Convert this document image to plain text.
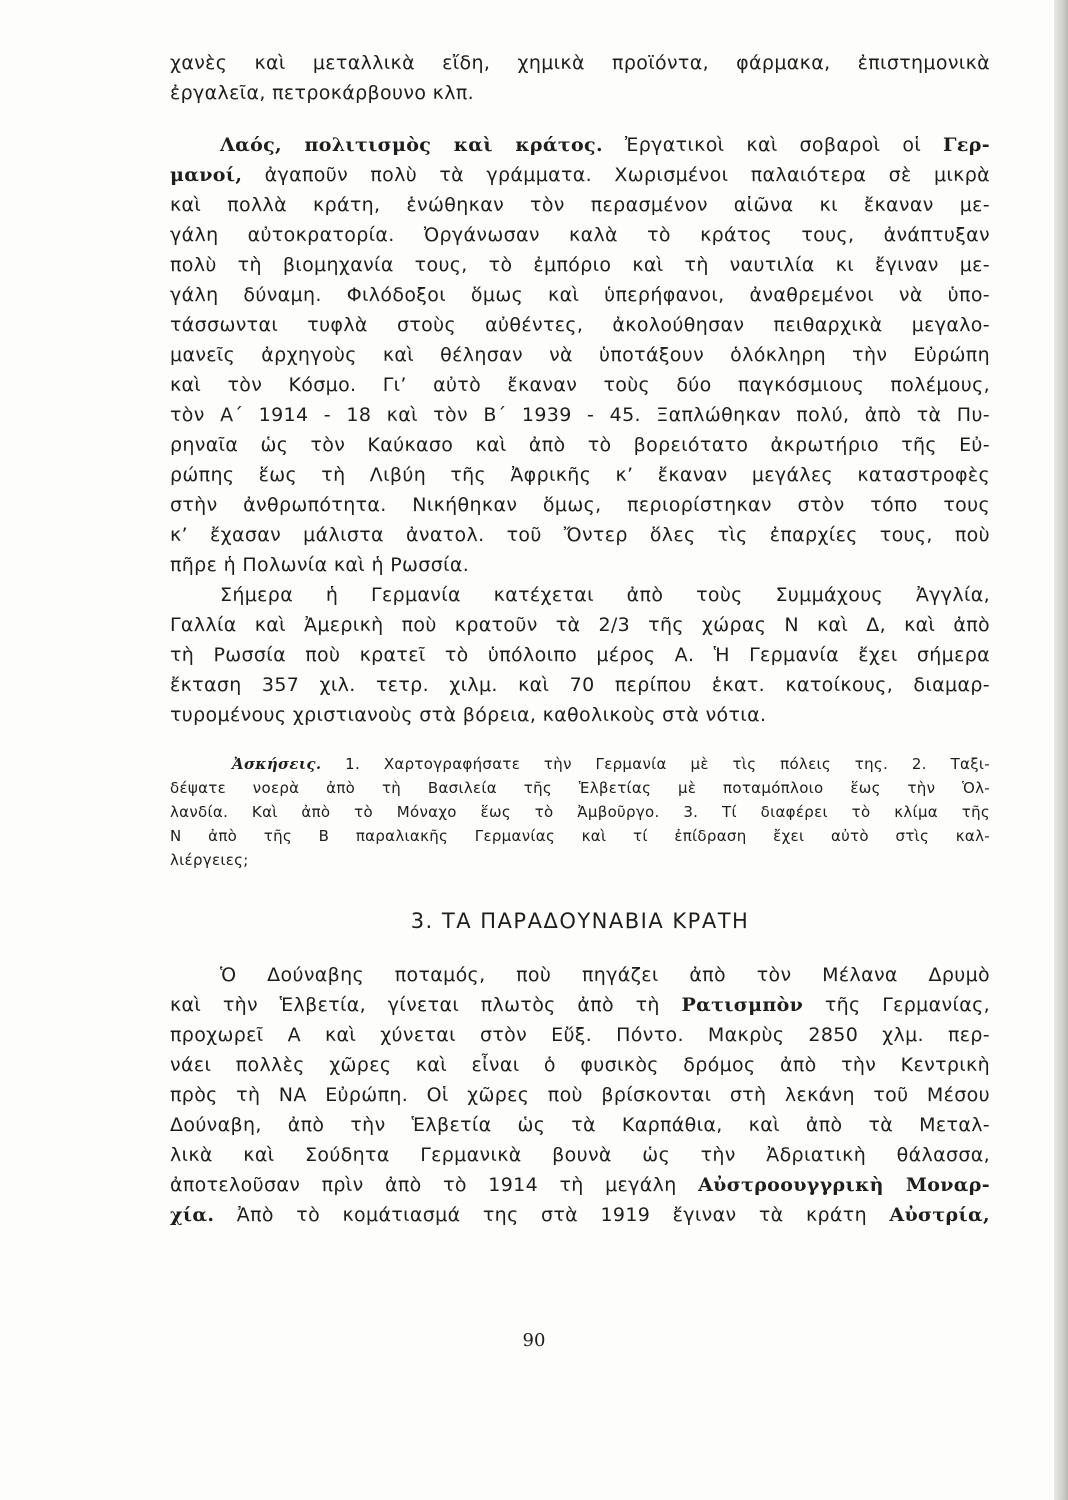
χανὲς καὶ μεταλλικὰ εἴδη, χημικὰ προϊόντα, φάρμακα, ἐπιστημονικὰ
ἐργαλεῖα, πετροκάρβουνο κλπ.
Λαός, πολιτισμὸς καὶ κράτος. Ἐργατικοὶ καὶ σοβαροὶ οἱ Γερ-
μανοί, ἀγαποῦν πολὺ τὰ γράμματα. Χωρισμένοι παλαιότερα σὲ μικρὰ
καὶ πολλὰ κράτη, ἑνώθηκαν τὸν περασμένον αἰῶνα κι ἔκαναν με-
γάλη αὐτοκρατορία. Ὀργάνωσαν καλὰ τὸ κράτος τους, ἀνάπτυξαν
πολὺ τὴ βιομηχανία τους, τὸ ἐμπόριο καὶ τὴ ναυτιλία κι ἔγιναν με-
γάλη δύναμη. Φιλόδοξοι ὅμως καὶ ὑπερήφανοι, ἀναθρεμένοι νὰ ὑπο-
τάσσωνται τυφλὰ στοὺς αὐθέντες, ἀκολούθησαν πειθαρχικὰ μεγαλο-
μανεῖς ἀρχηγοὺς καὶ θέλησαν νὰ ὑποτάξουν ὁλόκληρη τὴν Εὐρώπη
καὶ τὸν Κόσμο. Γι’ αὐτὸ ἔκαναν τοὺς δύο παγκόσμιους πολέμους,
τὸν Α΄ 1914 - 18 καὶ τὸν Β΄ 1939 - 45. Ξαπλώθηκαν πολύ, ἀπὸ τὰ Πυ-
ρηναῖα ὡς τὸν Καύκασο καὶ ἀπὸ τὸ βορειότατο ἀκρωτήριο τῆς Εὐ-
ρώπης ἕως τὴ Λιβύη τῆς Ἀφρικῆς κ’ ἔκαναν μεγάλες καταστροφὲς
στὴν ἀνθρωπότητα. Νικήθηκαν ὅμως, περιορίστηκαν στὸν τόπο τους
κ’ ἔχασαν μάλιστα ἀνατολ. τοῦ Ὄντερ ὅλες τὶς ἐπαρχίες τους, ποὺ
πῆρε ἡ Πολωνία καὶ ἡ Ρωσσία.
Σήμερα ἡ Γερμανία κατέχεται ἀπὸ τοὺς Συμμάχους Ἀγγλία,
Γαλλία καὶ Ἀμερικὴ ποὺ κρατοῦν τὰ 2/3 τῆς χώρας Ν καὶ Δ, καὶ ἀπὸ
τὴ Ρωσσία ποὺ κρατεῖ τὸ ὑπόλοιπο μέρος Α. Ἡ Γερμανία ἔχει σήμερα
ἔκταση 357 χιλ. τετρ. χιλμ. καὶ 70 περίπου ἑκατ. κατοίκους, διαμαρ-
τυρομένους χριστιανοὺς στὰ βόρεια, καθολικοὺς στὰ νότια.
Ἀσκήσεις. 1. Χαρτογραφήσατε τὴν Γερμανία μὲ τὶς πόλεις της. 2. Ταξι-
δέψατε νοερὰ ἀπὸ τὴ Βασιλεία τῆς Ἑλβετίας μὲ ποταμόπλοιο ἕως τὴν Ὁλ-
λανδία. Καὶ ἀπὸ τὸ Μόναχο ἕως τὸ Ἀμβοῦργο. 3. Τί διαφέρει τὸ κλίμα τῆς
Ν ἀπὸ τῆς Β παραλιακῆς Γερμανίας καὶ τί ἐπίδραση ἔχει αὐτὸ στὶς καλ-
λιέργειες;
3. ΤΑ ΠΑΡΑΔΟΥΝΑΒΙΑ ΚΡΑΤΗ
Ὁ Δούναβης ποταμός, ποὺ πηγάζει ἀπὸ τὸν Μέλανα Δρυμὸ
καὶ τὴν Ἑλβετία, γίνεται πλωτὸς ἀπὸ τὴ Ρατισμπὸν τῆς Γερμανίας,
προχωρεῖ Α καὶ χύνεται στὸν Εὔξ. Πόντο. Μακρὺς 2850 χλμ. περ-
νάει πολλὲς χῶρες καὶ εἶναι ὁ φυσικὸς δρόμος ἀπὸ τὴν Κεντρικὴ
πρὸς τὴ ΝΑ Εὐρώπη. Οἱ χῶρες ποὺ βρίσκονται στὴ λεκάνη τοῦ Μέσου
Δούναβη, ἀπὸ τὴν Ἑλβετία ὡς τὰ Καρπάθια, καὶ ἀπὸ τὰ Μεταλ-
λικὰ καὶ Σούδητα Γερμανικὰ βουνὰ ὡς τὴν Ἀδριατικὴ θάλασσα,
ἀποτελοῦσαν πρὶν ἀπὸ τὸ 1914 τὴ μεγάλη Αὐστροουγγρικὴ Μοναρ-
χία. Ἀπὸ τὸ κομάτιασμά της στὰ 1919 ἔγιναν τὰ κράτη Αὐστρία,
90
